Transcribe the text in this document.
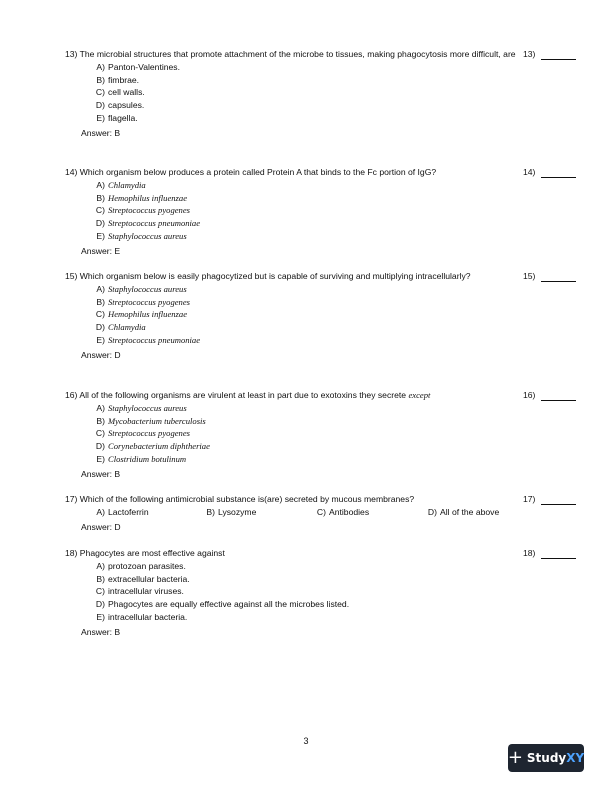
13) The microbial structures that promote attachment of the microbe to tissues, making phagocytosis more difficult, are 13)
A) Panton-Valentines.
B) fimbrae.
C) cell walls.
D) capsules.
E) flagella.
Answer: B

14) Which organism below produces a protein called Protein A that binds to the Fc portion of IgG?	14)
A) Chlamydia
B) Hemophilus influenzae
C) Streptococcus pyogenes
D) Streptococcus pneumoniae
E) Staphylococcus aureus
Answer: E

15) Which organism below is easily phagocytized but is capable of surviving and multiplying intracellularly?	15)
A) Staphylococcus aureus
B) Streptococcus pyogenes
C) Hemophilus influenzae
D) Chlamydia
E) Streptococcus pneumoniae
Answer: D

16) All of the following organisms are virulent at least in part due to exotoxins they secrete except	16)
A) Staphylococcus aureus
B) Mycobacterium tuberculosis
C) Streptococcus pyogenes
D) Corynebacterium diphtheriae
E) Clostridium botulinum
Answer: B

17) Which of the following antimicrobial substance is(are) secreted by mucous membranes?	17)
A) Lactoferrin	B) Lysozyme	C) Antibodies	D) All of the above
Answer: D

18) Phagocytes are most effective against	18)
A) protozoan parasites.
B) extracellular bacteria.
C) intracellular viruses.
D) Phagocytes are equally effective against all the microbes listed.
E) intracellular bacteria.
Answer: B
3
+ Study XY
